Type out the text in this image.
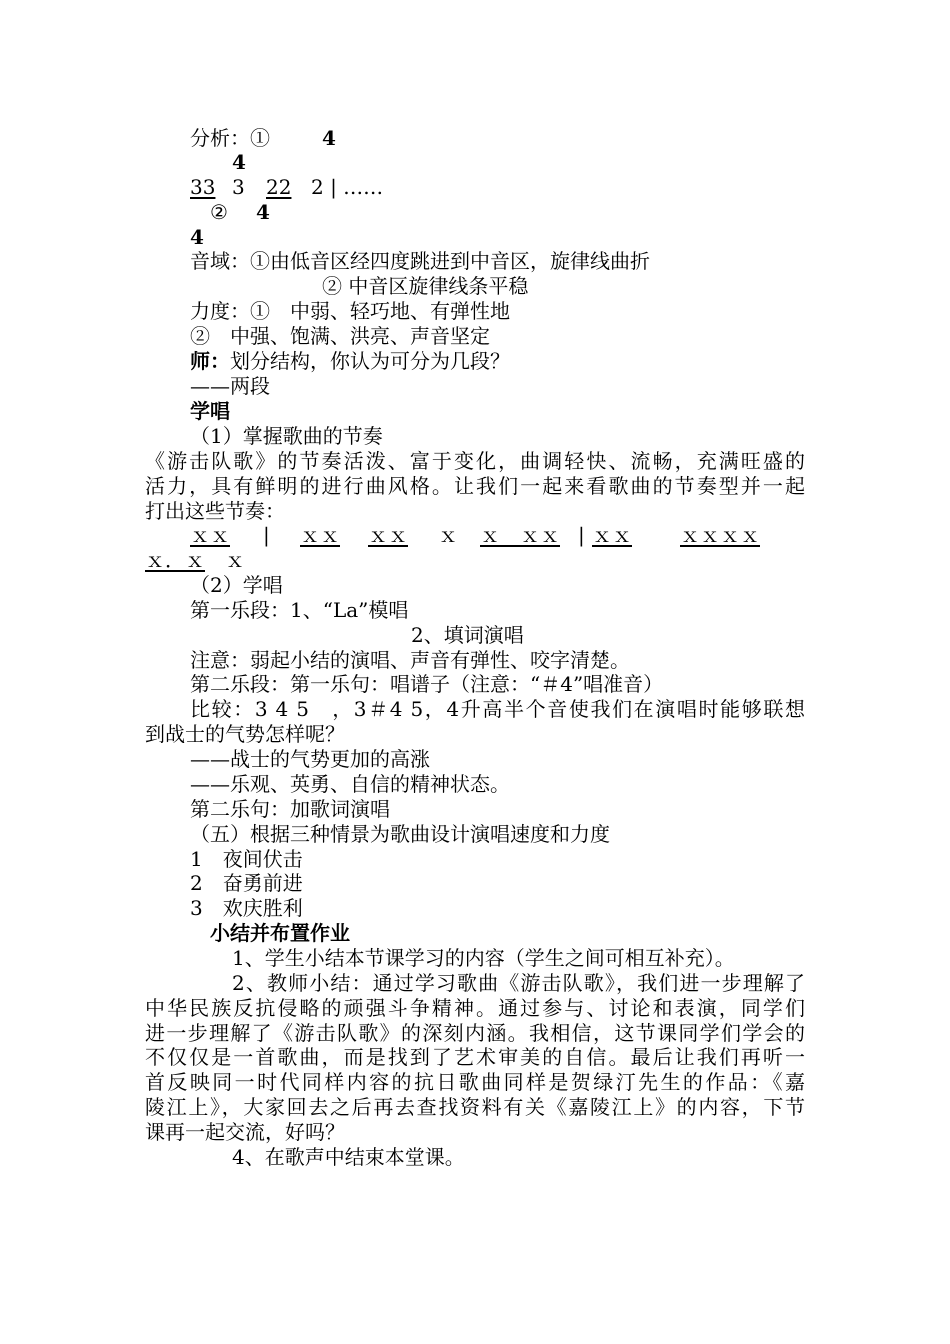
分析：①	4
4
33 3 22 2 | ……
② 4
4
音域：①由低音区经四度跳进到中音区，旋律线曲折
② 中音区旋律线条平稳
力度：①　中弱、轻巧地、有弹性地
②　中强、饱满、洪亮、声音坚定
师：划分结构，你认为可分为几段？
——两段
学唱
（1）掌握歌曲的节奏
《游击队歌》的节奏活泼、富于变化，曲调轻快、流畅，充满旺盛的
活力，具有鲜明的进行曲风格。让我们一起来看歌曲的节奏型并一起
打出这些节奏：
ｘｘ | ｘｘ ｘｘ ｘ ｘ　ｘｘ | ｘｘ ｘｘｘｘ
ｘ．ｘ ｘ
（2）学唱
第一乐段：1、“La”模唱
2、填词演唱
注意：弱起小结的演唱、声音有弹性、咬字清楚。
第二乐段：第一乐句：唱谱子（注意：“＃4”唱准音）
比较：3 4 5　，3＃4 5，4升高半个音使我们在演唱时能够联想
到战士的气势怎样呢？
——战士的气势更加的高涨
——乐观、英勇、自信的精神状态。
第二乐句：加歌词演唱
（五）根据三种情景为歌曲设计演唱速度和力度
1　夜间伏击
2　奋勇前进
3　欢庆胜利
小结并布置作业
1、学生小结本节课学习的内容（学生之间可相互补充）。
2、教师小结：通过学习歌曲《游击队歌》，我们进一步理解了
中华民族反抗侵略的顽强斗争精神。通过参与、讨论和表演，同学们
进一步理解了《游击队歌》的深刻内涵。我相信，这节课同学们学会的
不仅仅是一首歌曲，而是找到了艺术审美的自信。最后让我们再听一
首反映同一时代同样内容的抗日歌曲同样是贺绿汀先生的作品：《嘉
陵江上》，大家回去之后再去查找资料有关《嘉陵江上》的内容，下节
课再一起交流，好吗？
4、在歌声中结束本堂课。
